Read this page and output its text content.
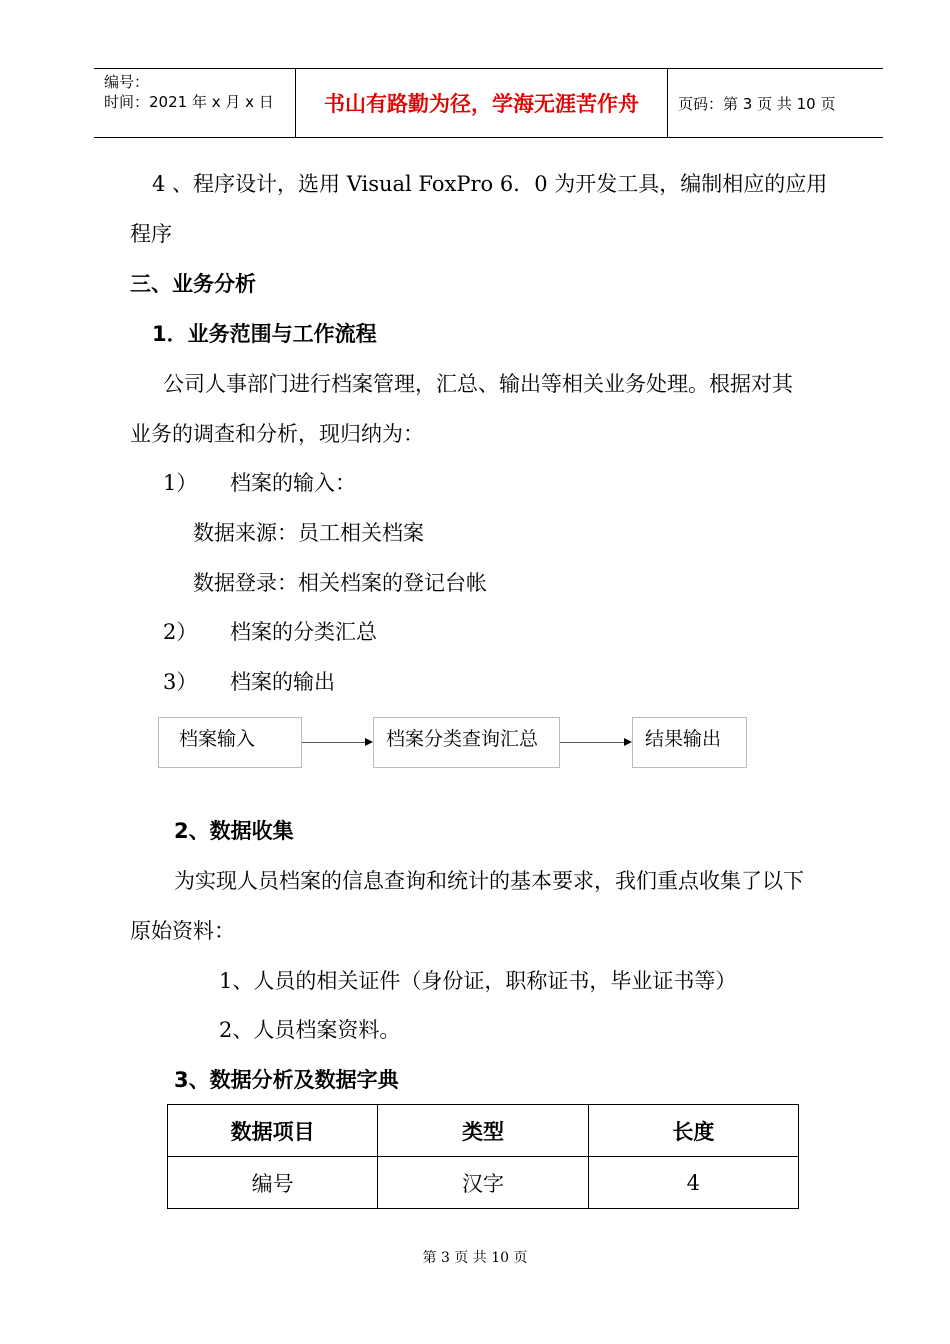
编号：
时间：2021 年 x 月 x 日	书山有路勤为径，学海无涯苦作舟	页码：第 3 页 共 10 页
4 、程序设计，选用 Visual FoxPro 6．0 为开发工具，编制相应的应用
程序
三、业务分析
1．业务范围与工作流程
公司人事部门进行档案管理，汇总、输出等相关业务处理。根据对其
业务的调查和分析，现归纳为：
1） 档案的输入：
数据来源：员工相关档案
数据登录：相关档案的登记台帐
2） 档案的分类汇总
3） 档案的输出
档案输入	档案分类查询汇总	结果输出
2、数据收集
为实现人员档案的信息查询和统计的基本要求，我们重点收集了以下
原始资料：
1、人员的相关证件（身份证，职称证书，毕业证书等）
2、人员档案资料。
3、数据分析及数据字典
数据项目	类型	长度
编号	汉字	4
第 3 页 共 10 页
